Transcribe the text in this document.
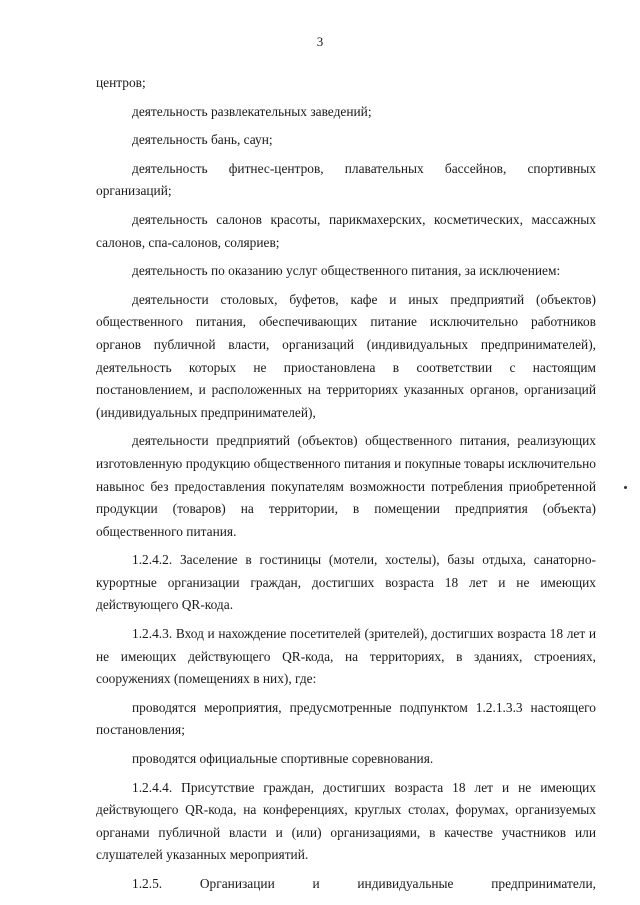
3

центров;

деятельность развлекательных заведений;

деятельность бань, саун;

деятельность фитнес-центров, плавательных бассейнов, спортивных организаций;

деятельность салонов красоты, парикмахерских, косметических, массажных салонов, спа-салонов, соляриев;

деятельность по оказанию услуг общественного питания, за исключением:

деятельности столовых, буфетов, кафе и иных предприятий (объектов) общественного питания, обеспечивающих питание исключительно работников органов публичной власти, организаций (индивидуальных предпринимателей), деятельность которых не приостановлена в соответствии с настоящим постановлением, и расположенных на территориях указанных органов, организаций (индивидуальных предпринимателей),

деятельности предприятий (объектов) общественного питания, реализующих изготовленную продукцию общественного питания и покупные товары исключительно навынос без предоставления покупателям возможности потребления приобретенной продукции (товаров) на территории, в помещении предприятия (объекта) общественного питания.

1.2.4.2. Заселение в гостиницы (мотели, хостелы), базы отдыха, санаторно-курортные организации граждан, достигших возраста 18 лет и не имеющих действующего QR-кода.

1.2.4.3. Вход и нахождение посетителей (зрителей), достигших возраста 18 лет и не имеющих действующего QR-кода, на территориях, в зданиях, строениях, сооружениях (помещениях в них), где:

проводятся мероприятия, предусмотренные подпунктом 1.2.1.3.3 настоящего постановления;

проводятся официальные спортивные соревнования.

1.2.4.4. Присутствие граждан, достигших возраста 18 лет и не имеющих действующего QR-кода, на конференциях, круглых столах, форумах, организуемых органами публичной власти и (или) организациями, в качестве участников или слушателей указанных мероприятий.

1.2.5. Организации и индивидуальные предприниматели,
